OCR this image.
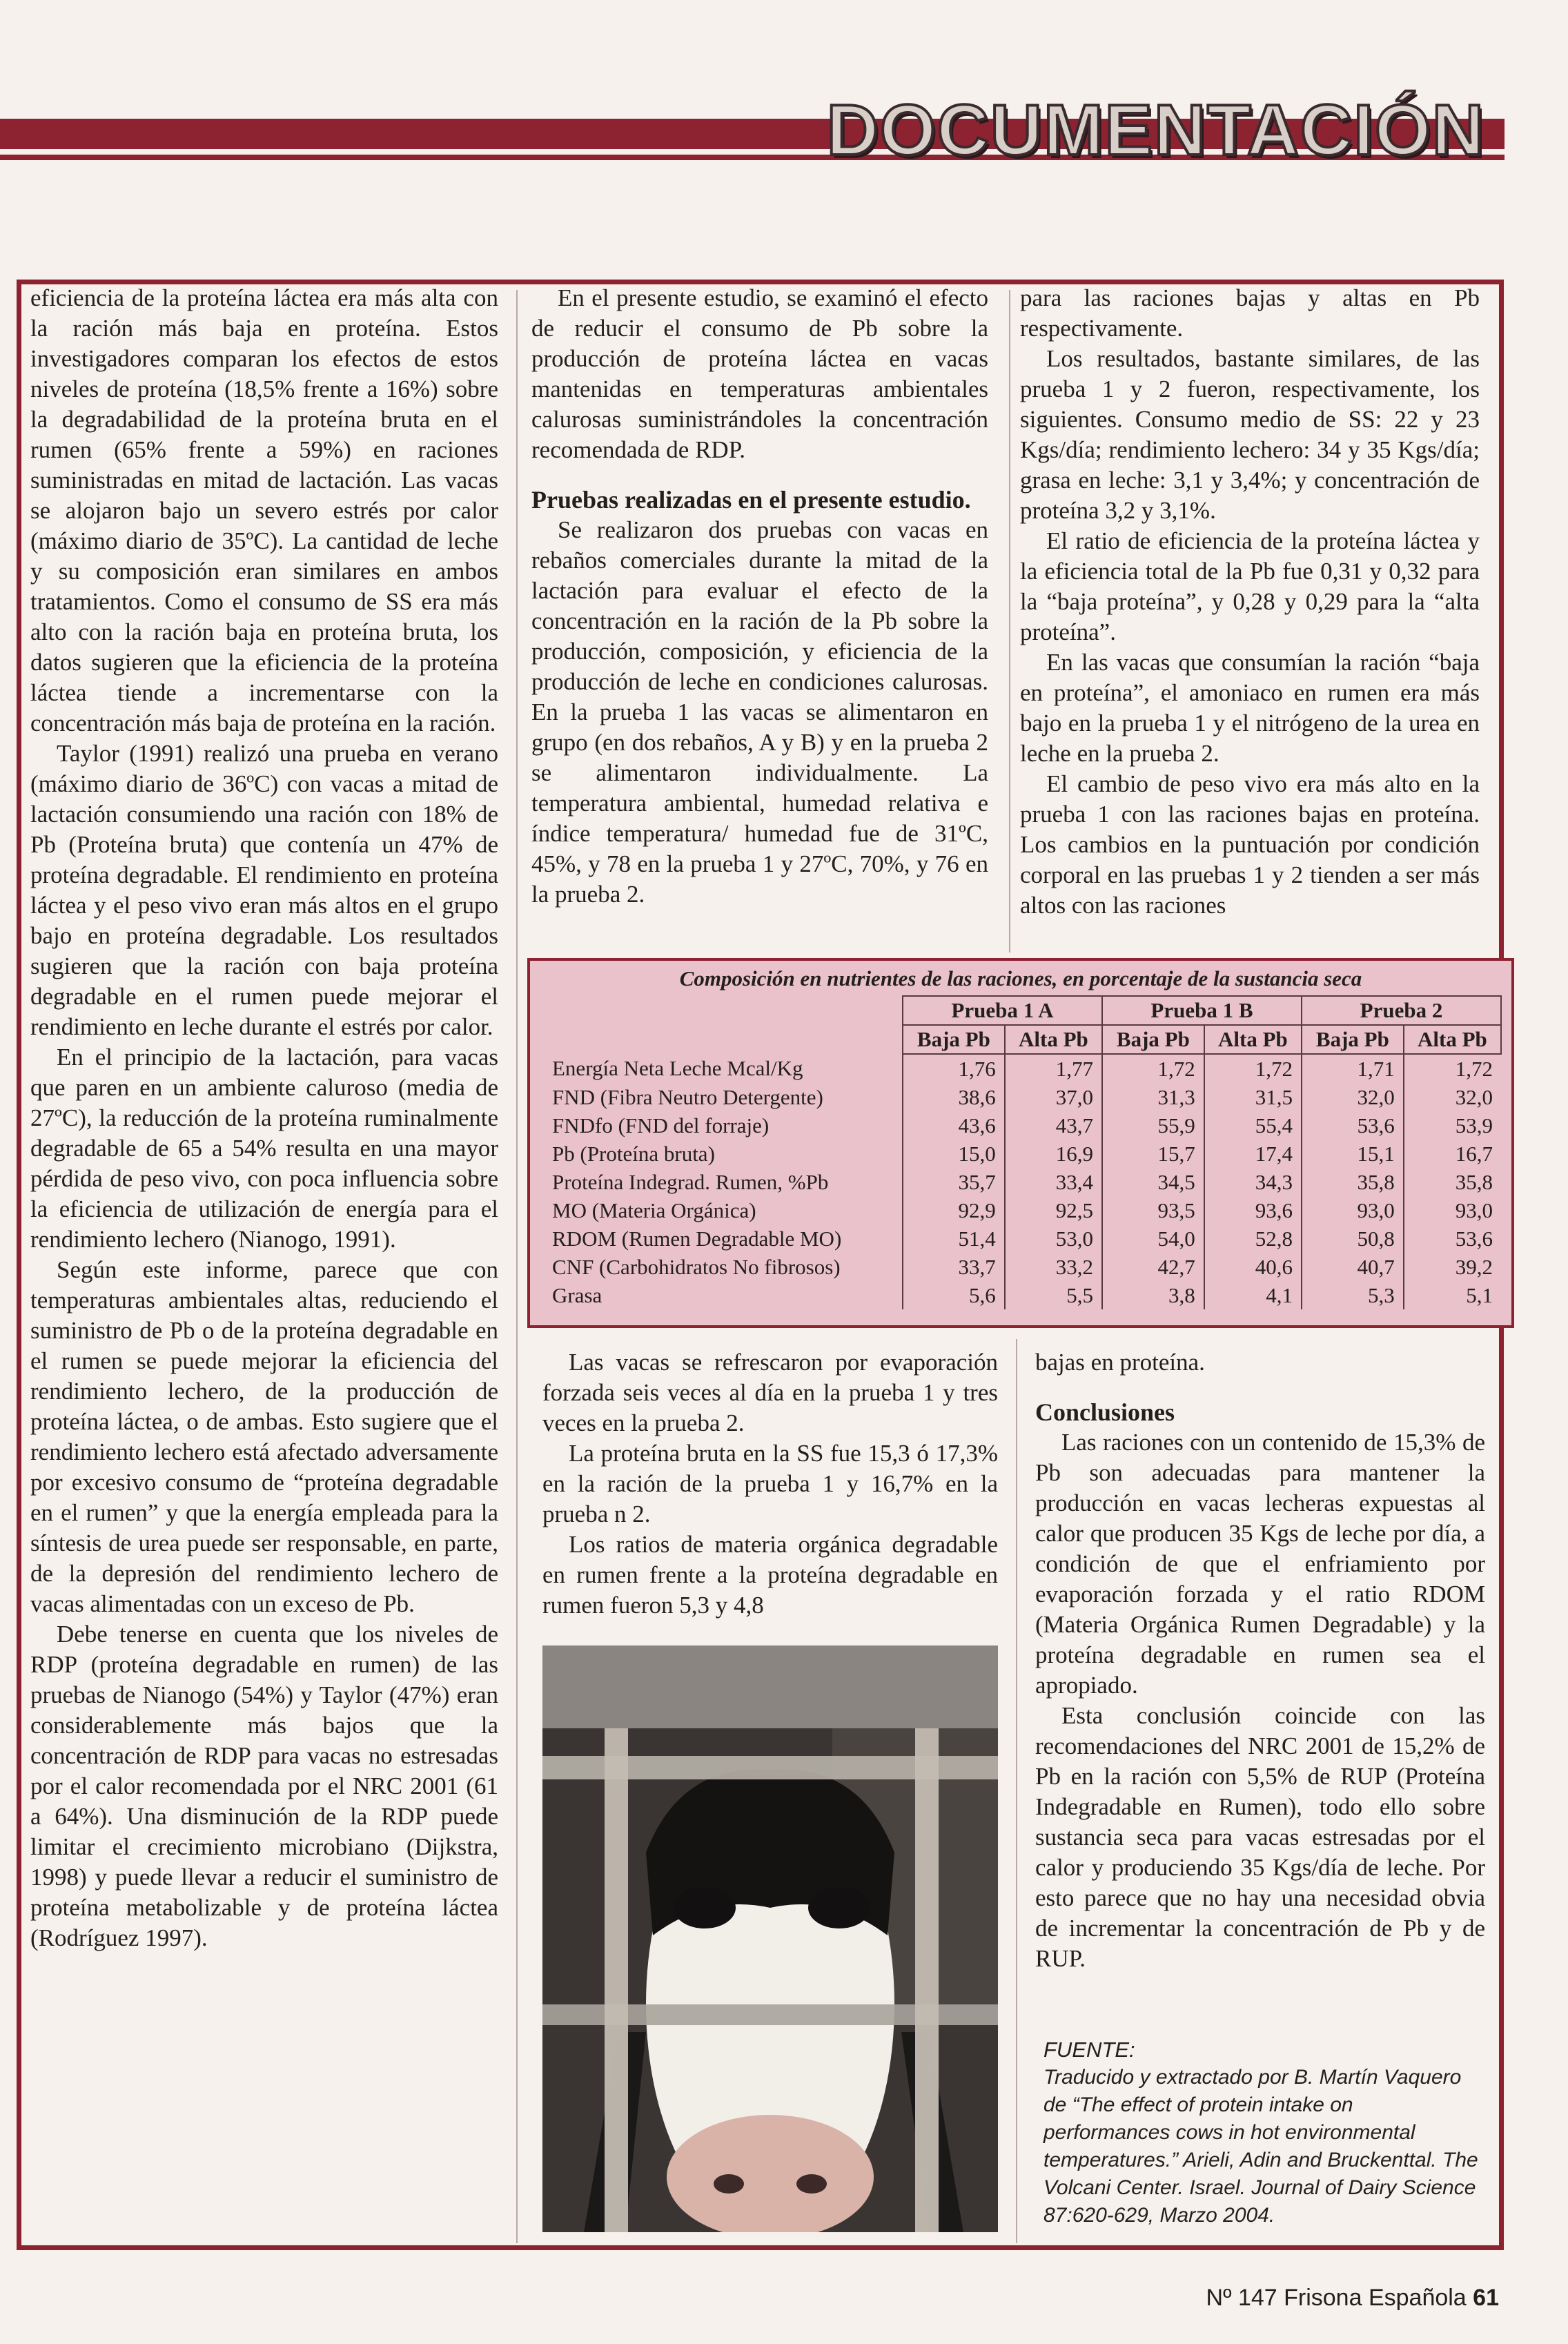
DOCUMENTACIÓN

eficiencia de la proteína láctea era más alta con la ración más baja en proteína. Estos investigadores comparan los efectos de estos niveles de proteína (18,5% frente a 16%) sobre la degradabilidad de la proteína bruta en el rumen (65% frente a 59%) en raciones suministradas en mitad de lactación. Las vacas se alojaron bajo un severo estrés por calor (máximo diario de 35ºC). La cantidad de leche y su composición eran similares en ambos tratamientos. Como el consumo de SS era más alto con la ración baja en proteína bruta, los datos sugieren que la eficiencia de la proteína láctea tiende a incrementarse con la concentración más baja de proteína en la ración.

Taylor (1991) realizó una prueba en verano (máximo diario de 36ºC) con vacas a mitad de lactación consumiendo una ración con 18% de Pb (Proteína bruta) que contenía un 47% de proteína degradable. El rendimiento en proteína láctea y el peso vivo eran más altos en el grupo bajo en proteína degradable. Los resultados sugieren que la ración con baja proteína degradable en el rumen puede mejorar el rendimiento en leche durante el estrés por calor.

En el principio de la lactación, para vacas que paren en un ambiente caluroso (media de 27ºC), la reducción de la proteína ruminalmente degradable de 65 a 54% resulta en una mayor pérdida de peso vivo, con poca influencia sobre la eficiencia de utilización de energía para el rendimiento lechero (Nianogo, 1991).

Según este informe, parece que con temperaturas ambientales altas, reduciendo el suministro de Pb o de la proteína degradable en el rumen se puede mejorar la eficiencia del rendimiento lechero, de la producción de proteína láctea, o de ambas. Esto sugiere que el rendimiento lechero está afectado adversamente por excesivo consumo de “proteína degradable en el rumen” y que la energía empleada para la síntesis de urea puede ser responsable, en parte, de la depresión del rendimiento lechero de vacas alimentadas con un exceso de Pb.

Debe tenerse en cuenta que los niveles de RDP (proteína degradable en rumen) de las pruebas de Nianogo (54%) y Taylor (47%) eran considerablemente más bajos que la concentración de RDP para vacas no estresadas por el calor recomendada por el NRC 2001 (61 a 64%). Una disminución de la RDP puede limitar el crecimiento microbiano (Dijkstra, 1998) y puede llevar a reducir el suministro de proteína metabolizable y de proteína láctea (Rodríguez 1997).

En el presente estudio, se examinó el efecto de reducir el consumo de Pb sobre la producción de proteína láctea en vacas mantenidas en temperaturas ambientales calurosas suministrándoles la concentración recomendada de RDP.

Pruebas realizadas en el presente estudio.

Se realizaron dos pruebas con vacas en rebaños comerciales durante la mitad de la lactación para evaluar el efecto de la concentración en la ración de la Pb sobre la producción, composición, y eficiencia de la producción de leche en condiciones calurosas. En la prueba 1 las vacas se alimentaron en grupo (en dos rebaños, A y B) y en la prueba 2 se alimentaron individualmente. La temperatura ambiental, humedad relativa e índice temperatura/ humedad fue de 31ºC, 45%, y 78 en la prueba 1 y 27ºC, 70%, y 76 en la prueba 2.

para las raciones bajas y altas en Pb respectivamente.

Los resultados, bastante similares, de las prueba 1 y 2 fueron, respectivamente, los siguientes. Consumo medio de SS: 22 y 23 Kgs/día; rendimiento lechero: 34 y 35 Kgs/día; grasa en leche: 3,1 y 3,4%; y concentración de proteína 3,2 y 3,1%.

El ratio de eficiencia de la proteína láctea y la eficiencia total de la Pb fue 0,31 y 0,32 para la “baja proteína”, y 0,28 y 0,29 para la “alta proteína”.

En las vacas que consumían la ración “baja en proteína”, el amoniaco en rumen era más bajo en la prueba 1 y el nitrógeno de la urea en leche en la prueba 2.

El cambio de peso vivo era más alto en la prueba 1 con las raciones bajas en proteína. Los cambios en la puntuación por condición corporal en las pruebas 1 y 2 tienden a ser más altos con las raciones

Composición en nutrientes de las raciones, en porcentaje de la sustancia seca
	Prueba 1 A		Prueba 1 B		Prueba 2	
	Baja Pb	Alta Pb	Baja Pb	Alta Pb	Baja Pb	Alta Pb
Energía Neta Leche Mcal/Kg	1,76	1,77	1,72	1,72	1,71	1,72
FND (Fibra Neutro Detergente)	38,6	37,0	31,3	31,5	32,0	32,0
FNDfo (FND del forraje)	43,6	43,7	55,9	55,4	53,6	53,9
Pb (Proteína bruta)	15,0	16,9	15,7	17,4	15,1	16,7
Proteína Indegrad. Rumen, %Pb	35,7	33,4	34,5	34,3	35,8	35,8
MO (Materia Orgánica)	92,9	92,5	93,5	93,6	93,0	93,0
RDOM (Rumen Degradable MO)	51,4	53,0	54,0	52,8	50,8	53,6
CNF (Carbohidratos No fibrosos)	33,7	33,2	42,7	40,6	40,7	39,2
Grasa	5,6	5,5	3,8	4,1	5,3	5,1

Las vacas se refrescaron por evaporación forzada seis veces al día en la prueba 1 y tres veces en la prueba 2.

La proteína bruta en la SS fue 15,3 ó 17,3% en la ración de la prueba 1 y 16,7% en la prueba n 2.

Los ratios de materia orgánica degradable en rumen frente a la proteína degradable en rumen fueron 5,3 y 4,8

bajas en proteína.

Conclusiones

Las raciones con un contenido de 15,3% de Pb son adecuadas para mantener la producción en vacas lecheras expuestas al calor que producen 35 Kgs de leche por día, a condición de que el enfriamiento por evaporación forzada y el ratio RDOM (Materia Orgánica Rumen Degradable) y la proteína degradable en rumen sea el apropiado.

Esta conclusión coincide con las recomendaciones del NRC 2001 de 15,2% de Pb en la ración con 5,5% de RUP (Proteína Indegradable en Rumen), todo ello sobre sustancia seca para vacas estresadas por el calor y produciendo 35 Kgs/día de leche. Por esto parece que no hay una necesidad obvia de incrementar la concentración de Pb y de RUP.

FUENTE:
Traducido y extractado por B. Martín Vaquero de “The effect of protein intake on performances cows in hot environmental temperatures.” Arieli, Adin and Bruckenttal. The Volcani Center. Israel. Journal of Dairy Science 87:620-629, Marzo 2004.
Nº 147 Frisona Española 61
